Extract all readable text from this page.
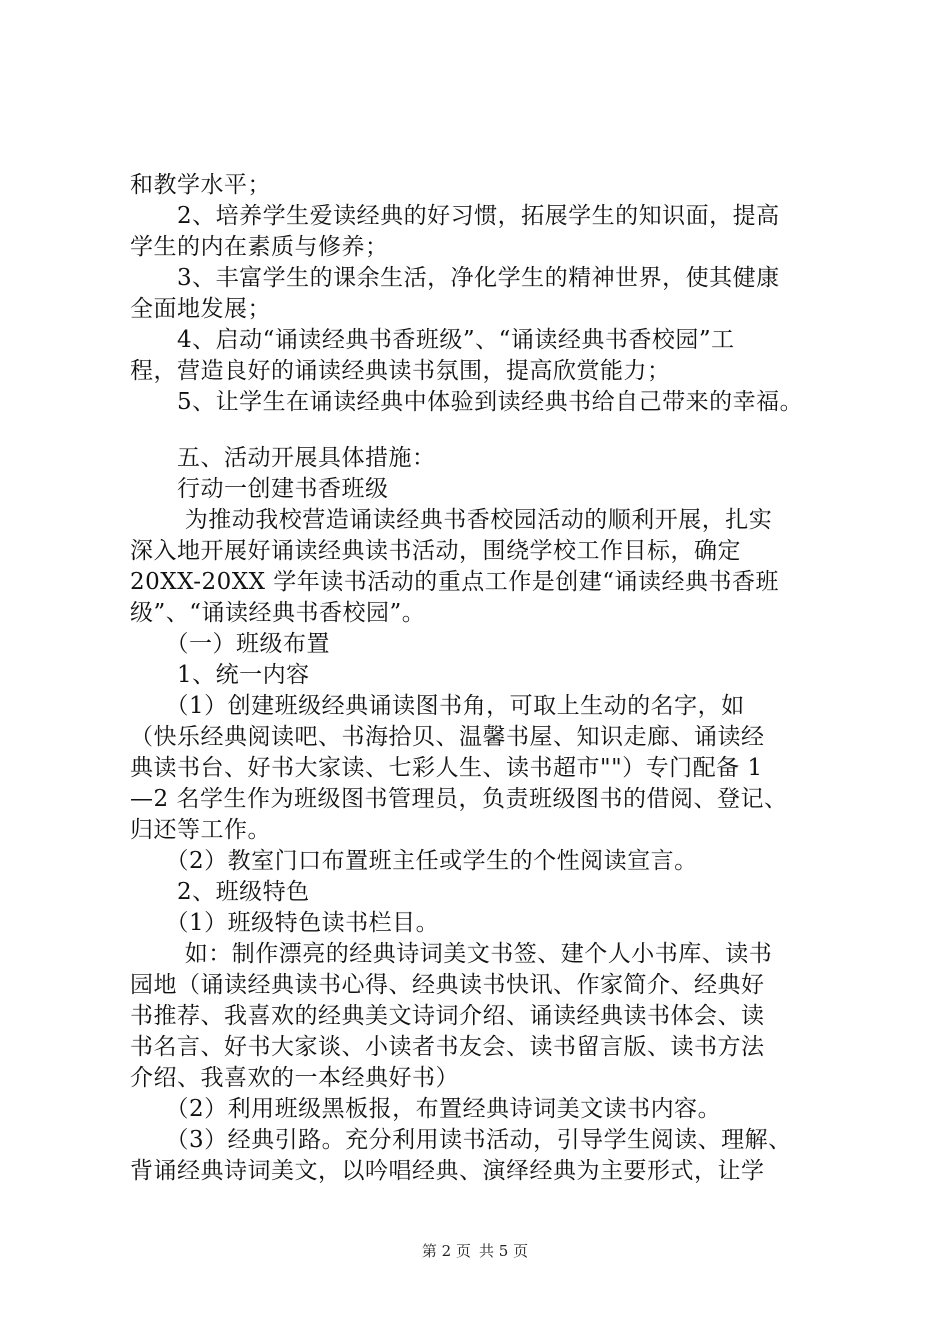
和教学水平；
　　2、培养学生爱读经典的好习惯，拓展学生的知识面，提高
学生的内在素质与修养；
　　3、丰富学生的课余生活，净化学生的精神世界，使其健康
全面地发展；
　　4、启动“诵读经典书香班级”、“诵读经典书香校园”工
程，营造良好的诵读经典读书氛围，提高欣赏能力；
　　5、让学生在诵读经典中体验到读经典书给自己带来的幸福。
　　五、活动开展具体措施：
　　行动一创建书香班级
　　 为推动我校营造诵读经典书香校园活动的顺利开展，扎实
深入地开展好诵读经典读书活动，围绕学校工作目标，确定
20XX-20XX 学年读书活动的重点工作是创建“诵读经典书香班
级”、“诵读经典书香校园”。
　　（一）班级布置
　　1、统一内容
　　（1）创建班级经典诵读图书角，可取上生动的名字，如
（快乐经典阅读吧、书海拾贝、温馨书屋、知识走廊、诵读经
典读书台、好书大家读、七彩人生、读书超市""）专门配备 1
—2 名学生作为班级图书管理员，负责班级图书的借阅、登记、
归还等工作。
　　（2）教室门口布置班主任或学生的个性阅读宣言。
　　2、班级特色
　　（1）班级特色读书栏目。
　　 如：制作漂亮的经典诗词美文书签、建个人小书库、读书
园地（诵读经典读书心得、经典读书快讯、作家简介、经典好
书推荐、我喜欢的经典美文诗词介绍、诵读经典读书体会、读
书名言、好书大家谈、小读者书友会、读书留言版、读书方法
介绍、我喜欢的一本经典好书）
　　（2）利用班级黑板报，布置经典诗词美文读书内容。
　　（3）经典引路。充分利用读书活动，引导学生阅读、理解、
背诵经典诗词美文，以吟唱经典、演绎经典为主要形式，让学
第 2 页 共 5 页
